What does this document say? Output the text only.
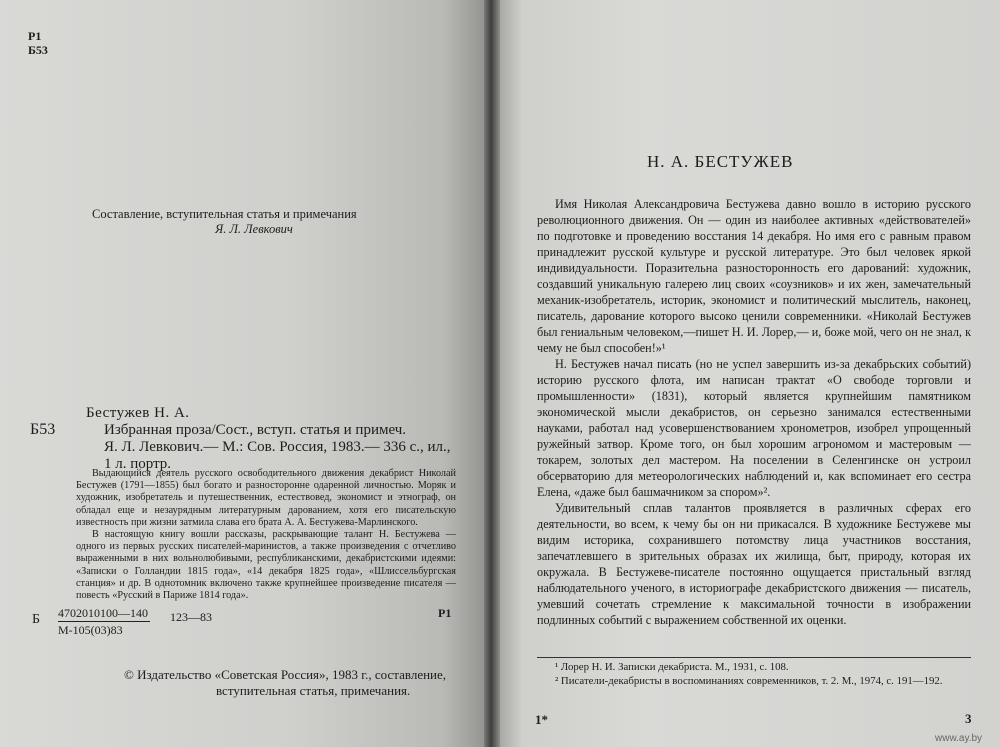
Р1

Б53

Составление, вступительная статья и примечания

Я. Л. Левкович

Бестужев Н. А.

Б53	Избранная проза/Сост., вступ. статья и примеч.

Я. Л. Левкович.— М.: Сов. Россия, 1983.— 336 с., ил.,

1 л. портр.

Выдающийся деятель русского освободительного движения декабрист Николай Бестужев (1791—1855) был богато и разносторонне одаренной личностью. Моряк и художник, изобретатель и путешественник, естествовед, экономист и этнограф, он обладал еще и незаурядным литературным дарованием, хотя его писательскую известность при жизни затмила слава его брата А. А. Бестужева-Марлинского.

В настоящую книгу вошли рассказы, раскрывающие талант Н. Бестужева — одного из первых русских писателей-маринистов, а также произведения с отчетливо выраженными в них вольнолюбивыми, республиканскими, декабристскими идеями: «Записки о Голландии 1815 года», «14 декабря 1825 года», «Шлиссельбургская станция» и др. В однотомник включено также крупнейшее произведение писателя — повесть «Русский в Париже 1814 года».

Б 4702010100—140

М-105(03)83

123—83	Р1

© Издательство «Советская Россия», 1983 г., составление,

вступительная статья, примечания.

Н. А. БЕСТУЖЕВ

Имя Николая Александровича Бестужева давно вошло в историю русского революционного движения. Он — один из наиболее активных «действователей» по подготовке и проведению восстания 14 декабря. Но имя его с равным правом принадлежит русской культуре и русской литературе. Это был человек яркой индивидуальности. Поразительна разносторонность его дарований: художник, создавший уникальную галерею лиц своих «соузников» и их жен, замечательный механик-изобретатель, историк, экономист и политический мыслитель, наконец, писатель, дарование которого высоко ценили современники. «Николай Бестужев был гениальным человеком,—пишет Н. И. Лорер,— и, боже мой, чего он не знал, к чему не был способен!»¹

Н. Бестужев начал писать (но не успел завершить из-за декабрьских событий) историю русского флота, им написан трактат «О свободе торговли и промышленности» (1831), который является крупнейшим памятником экономической мысли декабристов, он серьезно занимался естественными науками, работал над усовершенствованием хронометров, изобрел упрощенный ружейный затвор. Кроме того, он был хорошим агрономом и мастеровым — токарем, золотых дел мастером. На поселении в Селенгинске он устроил обсерваторию для метеорологических наблюдений и, как вспоминает его сестра Елена, «даже был башмачником за спором»².

Удивительный сплав талантов проявляется в различных сферах его деятельности, во всем, к чему бы он ни прикасался. В художнике Бестужеве мы видим историка, сохранившего потомству лица участников восстания, запечатлевшего в зрительных образах их жилища, быт, природу, которая их окружала. В Бестужеве-писателе постоянно ощущается пристальный взгляд наблюдательного ученого, в историографе декабристского движения — писатель, умевший сочетать стремление к максимальной точности в изображении подлинных событий с выражением собственной их оценки.

¹ Лорер Н. И. Записки декабриста. М., 1931, с. 108.

² Писатели-декабристы в воспоминаниях современников, т. 2. М., 1974, с. 191—192.

1*	3

www.ay.by
